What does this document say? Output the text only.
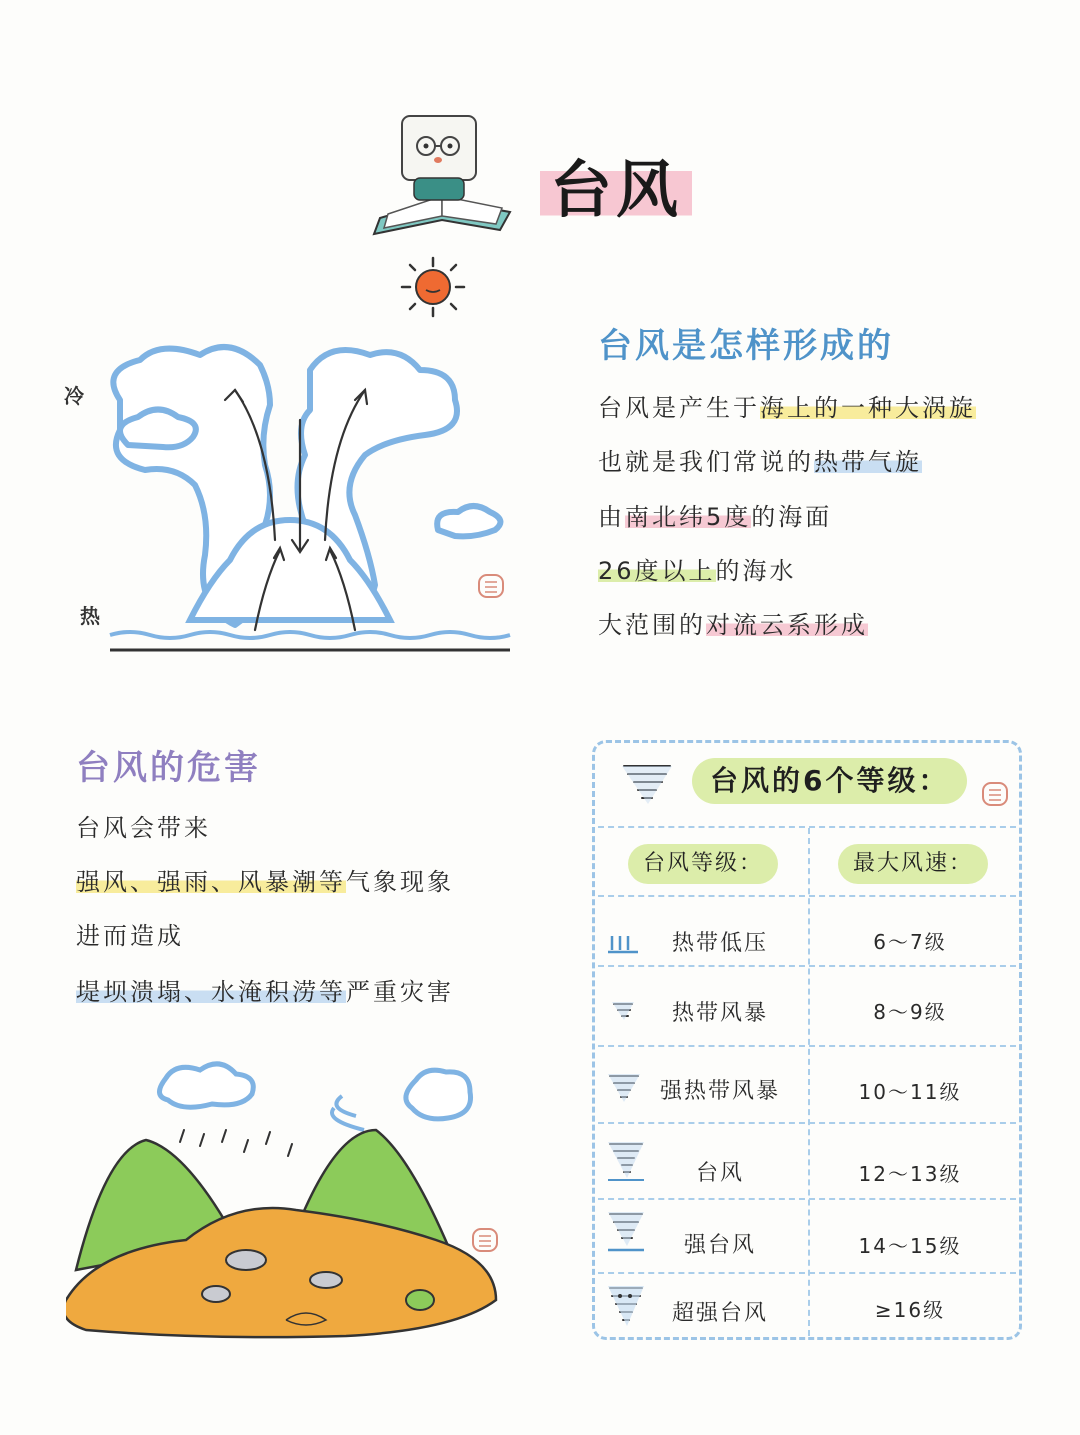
台风
冷
热
台风是怎样形成的
台风是产生于海上的一种大涡旋
也就是我们常说的热带气旋
由南北纬5度的海面
26度以上的海水
大范围的对流云系形成
台风的危害
台风会带来
强风、强雨、风暴潮等气象现象
进而造成
堤坝溃塌、水淹积涝等严重灾害
台风的6个等级：
台风等级：	最大风速：
热带低压	6～7级
热带风暴	8～9级
强热带风暴	10～11级
台风	12～13级
强台风	14～15级
超强台风	≥16级
